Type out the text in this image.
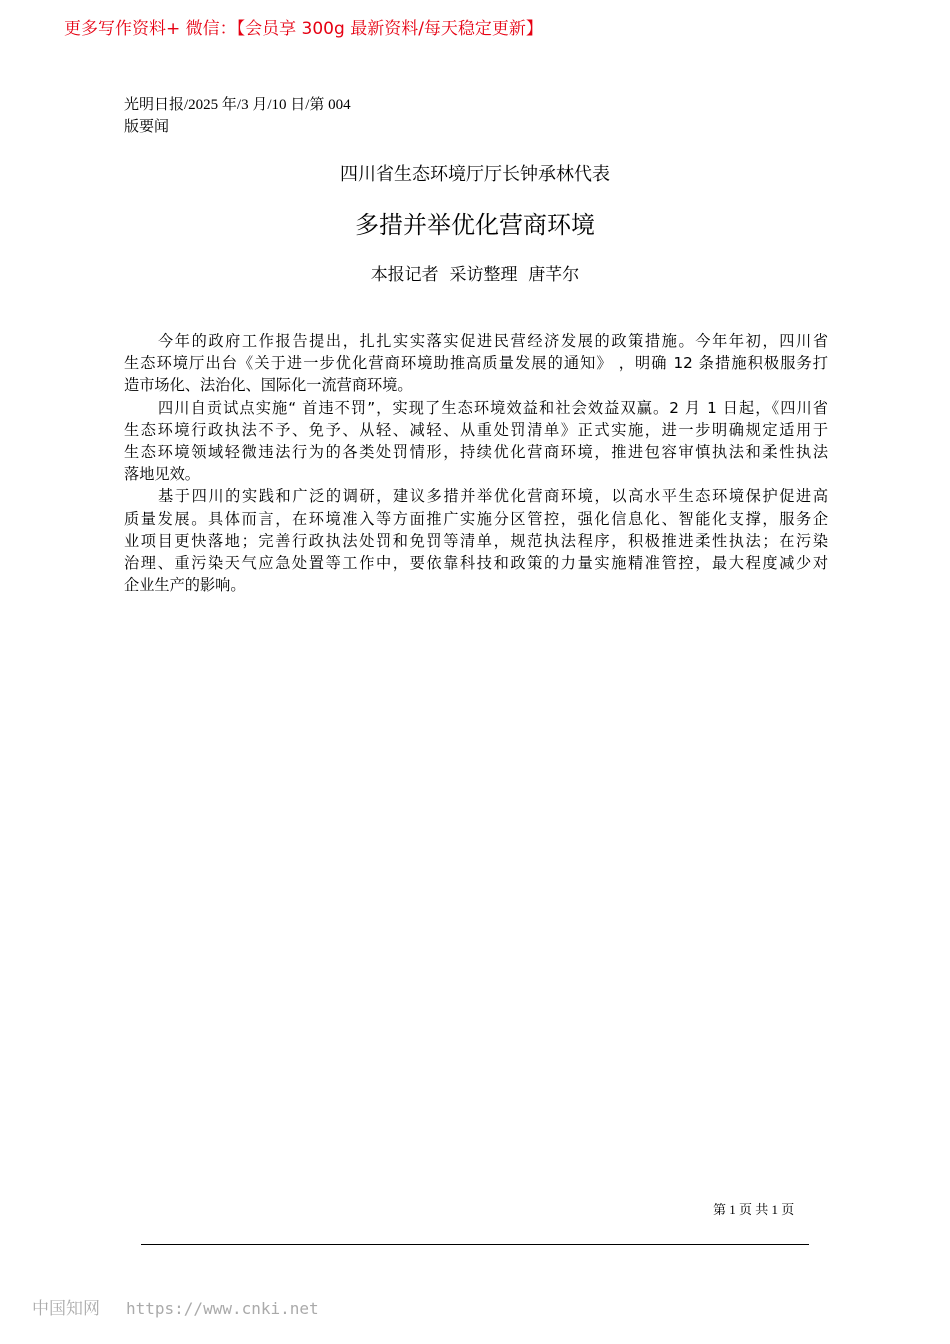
更多写作资料+ 微信：【会员享 300g 最新资料/每天稳定更新】
光明日报/2025 年/3 月/10 日/第 004
版要闻
四川省生态环境厅厅长钟承林代表
多措并举优化营商环境
本报记者  采访整理  唐芊尔
今年的政府工作报告提出，扎扎实实落实促进民营经济发展的政策措施。今年年初，四川省
生态环境厅出台《关于进一步优化营商环境助推高质量发展的通知》 ，明确 12 条措施积极服务打
造市场化、法治化、国际化一流营商环境。
四川自贡试点实施“ 首违不罚”，实现了生态环境效益和社会效益双赢。2 月 1 日起，《四川省
生态环境行政执法不予、免予、从轻、减轻、从重处罚清单》正式实施，进一步明确规定适用于
生态环境领域轻微违法行为的各类处罚情形，持续优化营商环境，推进包容审慎执法和柔性执法
落地见效。
基于四川的实践和广泛的调研，建议多措并举优化营商环境，以高水平生态环境保护促进高
质量发展。具体而言，在环境准入等方面推广实施分区管控，强化信息化、智能化支撑，服务企
业项目更快落地；完善行政执法处罚和免罚等清单，规范执法程序，积极推进柔性执法；在污染
治理、重污染天气应急处置等工作中，要依靠科技和政策的力量实施精准管控，最大程度减少对
企业生产的影响。
第 1 页 共 1 页
中国知网 https://www.cnki.net
